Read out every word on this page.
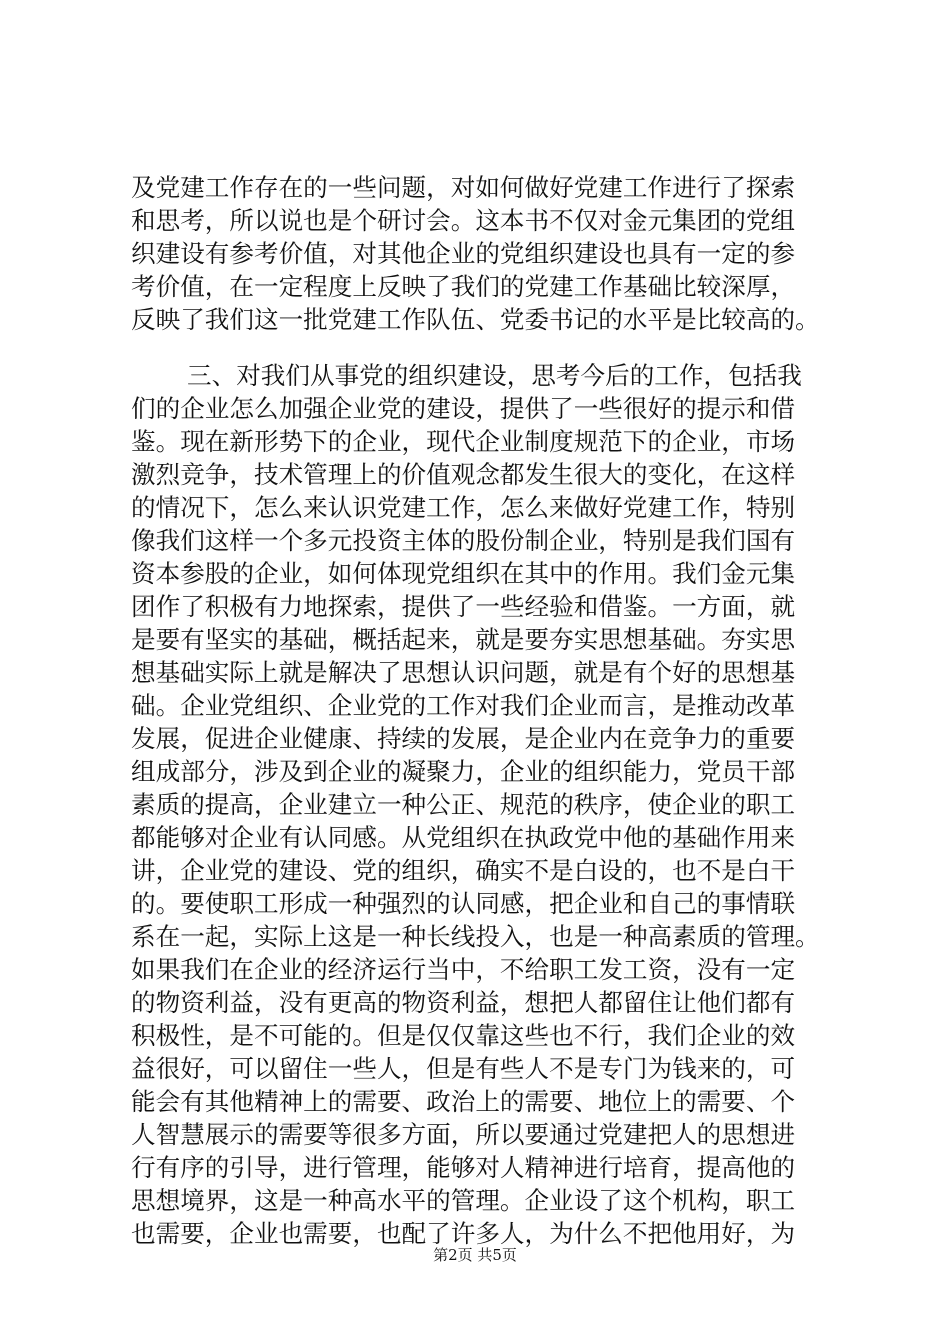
及党建工作存在的一些问题，对如何做好党建工作进行了探索
和思考，所以说也是个研讨会。这本书不仅对金元集团的党组
织建设有参考价值，对其他企业的党组织建设也具有一定的参
考价值，在一定程度上反映了我们的党建工作基础比较深厚，
反映了我们这一批党建工作队伍、党委书记的水平是比较高的。
三、对我们从事党的组织建设，思考今后的工作，包括我
们的企业怎么加强企业党的建设，提供了一些很好的提示和借
鉴。现在新形势下的企业，现代企业制度规范下的企业，市场
激烈竞争，技术管理上的价值观念都发生很大的变化，在这样
的情况下，怎么来认识党建工作，怎么来做好党建工作，特别
像我们这样一个多元投资主体的股份制企业，特别是我们国有
资本参股的企业，如何体现党组织在其中的作用。我们金元集
团作了积极有力地探索，提供了一些经验和借鉴。一方面，就
是要有坚实的基础，概括起来，就是要夯实思想基础。夯实思
想基础实际上就是解决了思想认识问题，就是有个好的思想基
础。企业党组织、企业党的工作对我们企业而言，是推动改革
发展，促进企业健康、持续的发展，是企业内在竞争力的重要
组成部分，涉及到企业的凝聚力，企业的组织能力，党员干部
素质的提高，企业建立一种公正、规范的秩序，使企业的职工
都能够对企业有认同感。从党组织在执政党中他的基础作用来
讲，企业党的建设、党的组织，确实不是白设的，也不是白干
的。要使职工形成一种强烈的认同感，把企业和自己的事情联
系在一起，实际上这是一种长线投入，也是一种高素质的管理。
如果我们在企业的经济运行当中，不给职工发工资，没有一定
的物资利益，没有更高的物资利益，想把人都留住让他们都有
积极性，是不可能的。但是仅仅靠这些也不行，我们企业的效
益很好，可以留住一些人，但是有些人不是专门为钱来的，可
能会有其他精神上的需要、政治上的需要、地位上的需要、个
人智慧展示的需要等很多方面，所以要通过党建把人的思想进
行有序的引导，进行管理，能够对人精神进行培育，提高他的
思想境界，这是一种高水平的管理。企业设了这个机构，职工
也需要，企业也需要，也配了许多人，为什么不把他用好，为
第2页 共5页
